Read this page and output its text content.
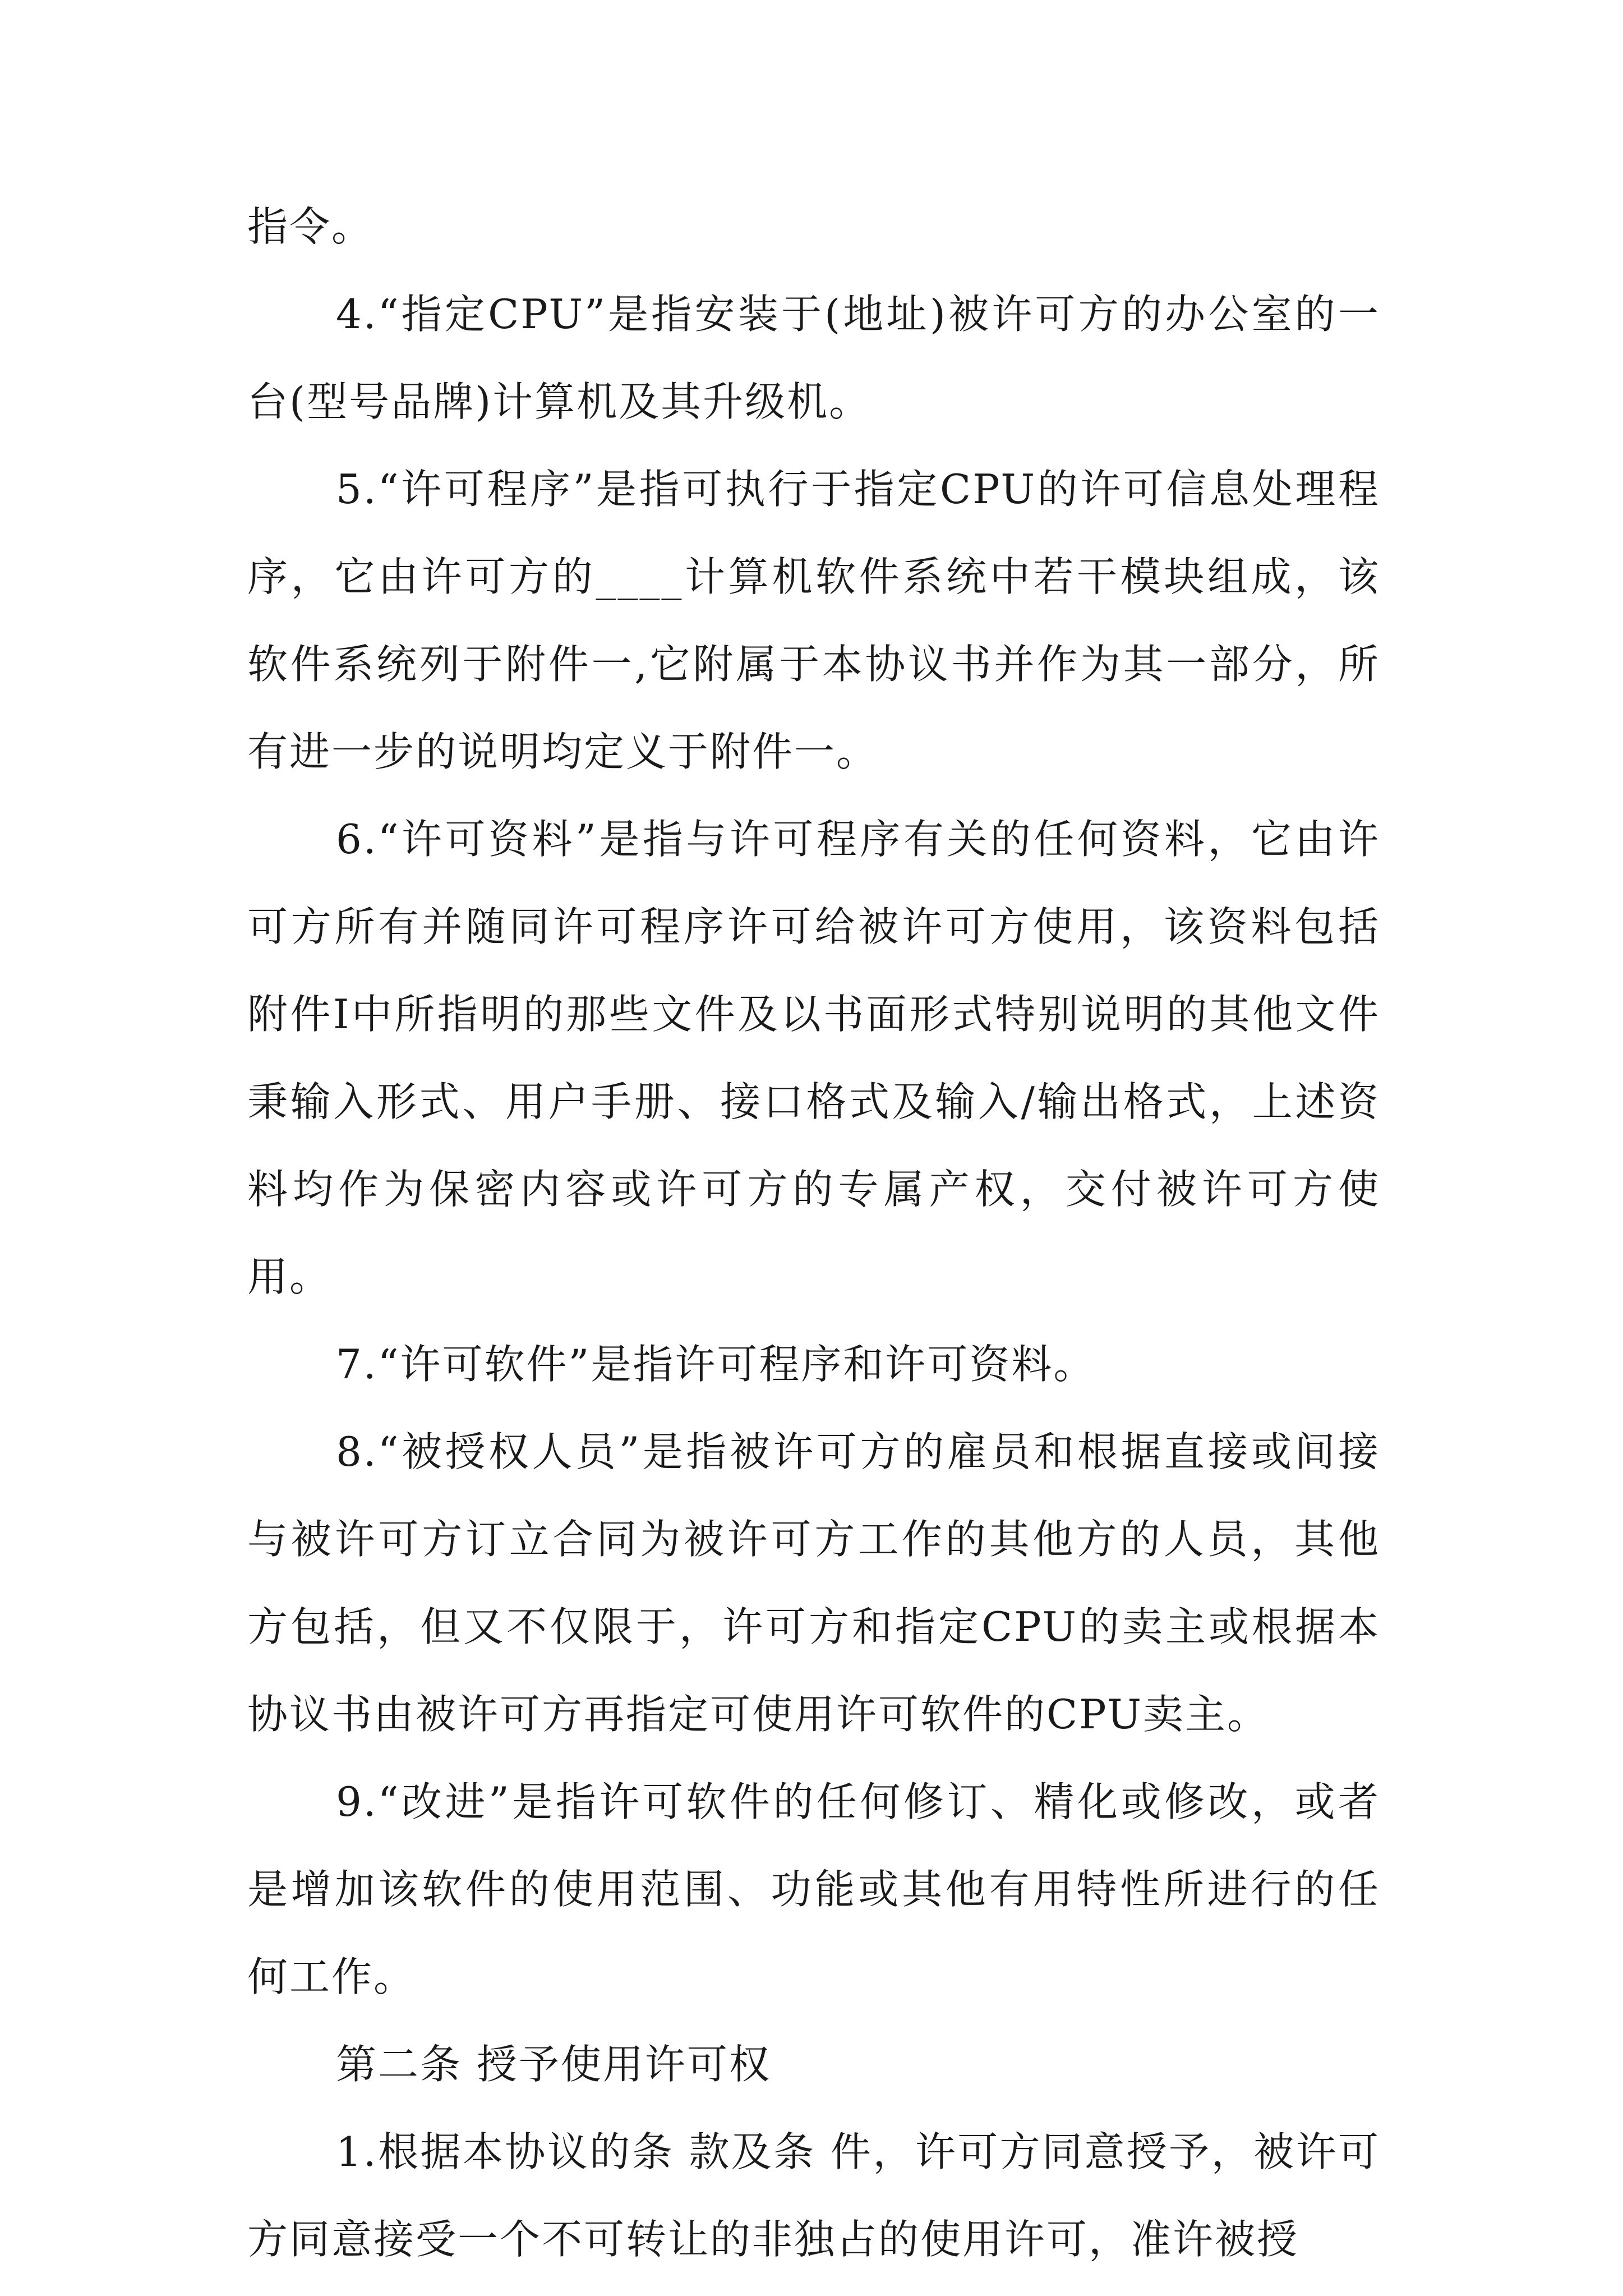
指令。

4.“指定CPU”是指安装于(地址)被许可方的办公室的一台(型号品牌)计算机及其升级机。

5.“许可程序”是指可执行于指定CPU的许可信息处理程序，它由许可方的____计算机软件系统中若干模块组成，该软件系统列于附件一,它附属于本协议书并作为其一部分，所有进一步的说明均定义于附件一。

6.“许可资料”是指与许可程序有关的任何资料，它由许可方所有并随同许可程序许可给被许可方使用，该资料包括附件I中所指明的那些文件及以书面形式特别说明的其他文件秉输入形式、用户手册、接口格式及输入/输出格式，上述资料均作为保密内容或许可方的专属产权，交付被许可方使用。

7.“许可软件”是指许可程序和许可资料。

8.“被授权人员”是指被许可方的雇员和根据直接或间接与被许可方订立合同为被许可方工作的其他方的人员，其他方包括，但又不仅限于，许可方和指定CPU的卖主或根据本协议书由被许可方再指定可使用许可软件的CPU卖主。

9.“改进”是指许可软件的任何修订、精化或修改，或者是增加该软件的使用范围、功能或其他有用特性所进行的任何工作。

第二条 授予使用许可权

1.根据本协议的条 款及条 件，许可方同意授予，被许可方同意接受一个不可转让的非独占的使用许可，准许被授
